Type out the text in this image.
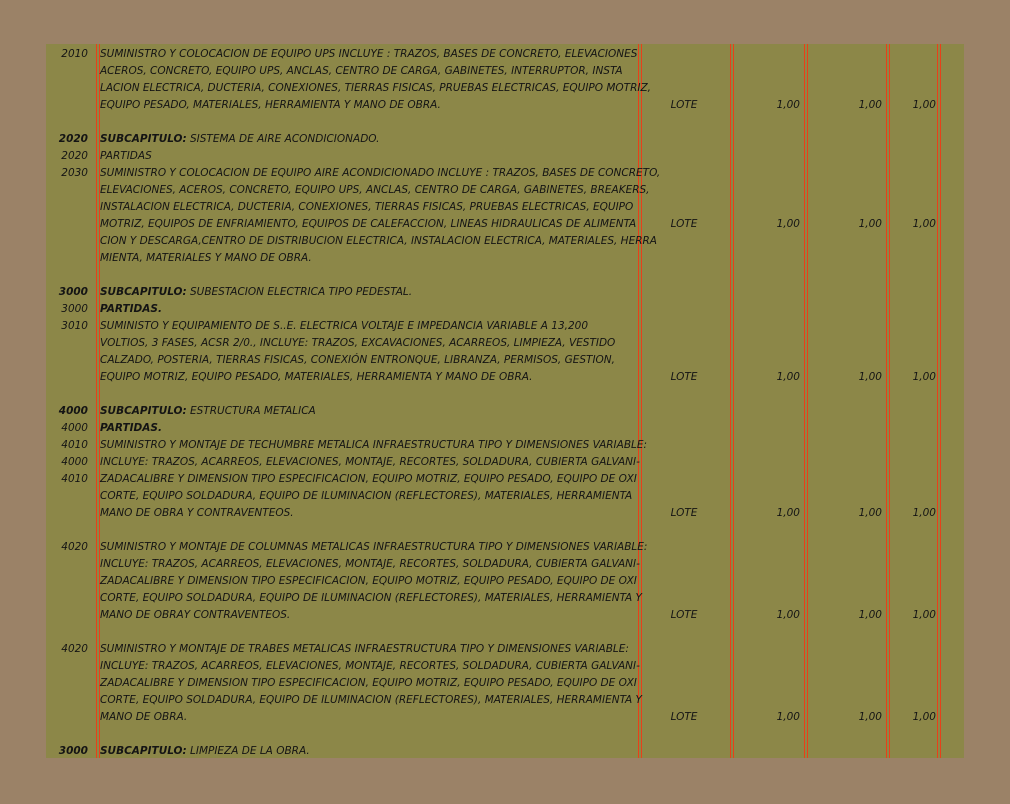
2010 SUMINISTRO Y COLOCACION DE EQUIPO UPS INCLUYE : TRAZOS, BASES DE CONCRETO, ELEVACIONES
ACEROS, CONCRETO, EQUIPO UPS, ANCLAS, CENTRO DE CARGA, GABINETES, INTERRUPTOR, INSTA
LACION ELECTRICA, DUCTERIA, CONEXIONES, TIERRAS FISICAS, PRUEBAS ELECTRICAS, EQUIPO MOTRIZ,
EQUIPO PESADO, MATERIALES, HERRAMIENTA Y MANO DE OBRA.	LOTE	1,00	1,00	1,00
2020 SUBCAPITULO: SISTEMA DE AIRE ACONDICIONADO.
2020 PARTIDAS
2030 SUMINISTRO Y COLOCACION DE EQUIPO AIRE ACONDICIONADO INCLUYE : TRAZOS, BASES DE CONCRETO,
ELEVACIONES, ACEROS, CONCRETO, EQUIPO UPS, ANCLAS, CENTRO DE CARGA, GABINETES, BREAKERS,
INSTALACION ELECTRICA, DUCTERIA, CONEXIONES, TIERRAS FISICAS, PRUEBAS ELECTRICAS, EQUIPO
MOTRIZ, EQUIPOS DE ENFRIAMIENTO, EQUIPOS DE CALEFACCION, LINEAS HIDRAULICAS DE ALIMENTA
CION Y DESCARGA,CENTRO DE DISTRIBUCION ELECTRICA, INSTALACION ELECTRICA, MATERIALES, HERRA
MIENTA, MATERIALES Y MANO DE OBRA.
LOTE	1,00	1,00	1,00
3000 SUBCAPITULO: SUBESTACION ELECTRICA TIPO PEDESTAL.
3000 PARTIDAS.
3010 SUMINISTO Y EQUIPAMIENTO DE S..E. ELECTRICA VOLTAJE E IMPEDANCIA VARIABLE A 13,200
VOLTIOS, 3 FASES, ACSR 2/0., INCLUYE: TRAZOS, EXCAVACIONES, ACARREOS, LIMPIEZA, VESTIDO
CALZADO, POSTERIA, TIERRAS FISICAS, CONEXIÓN ENTRONQUE, LIBRANZA, PERMISOS, GESTION,
EQUIPO MOTRIZ, EQUIPO PESADO, MATERIALES, HERRAMIENTA Y MANO DE OBRA.	LOTE	1,00	1,00	1,00
4000 SUBCAPITULO: ESTRUCTURA METALICA
4000 PARTIDAS.
4010 SUMINISTRO Y MONTAJE DE TECHUMBRE METALICA INFRAESTRUCTURA TIPO Y DIMENSIONES VARIABLE:
4000 INCLUYE: TRAZOS, ACARREOS, ELEVACIONES, MONTAJE, RECORTES, SOLDADURA, CUBIERTA GALVANI-
4010 ZADACALIBRE Y DIMENSION TIPO ESPECIFICACION, EQUIPO MOTRIZ, EQUIPO PESADO, EQUIPO DE OXI
CORTE, EQUIPO SOLDADURA, EQUIPO DE ILUMINACION (REFLECTORES), MATERIALES, HERRAMIENTA
MANO DE OBRA Y CONTRAVENTEOS.	LOTE	1,00	1,00	1,00
4020 SUMINISTRO Y MONTAJE DE COLUMNAS METALICAS INFRAESTRUCTURA TIPO Y DIMENSIONES VARIABLE:
INCLUYE: TRAZOS, ACARREOS, ELEVACIONES, MONTAJE, RECORTES, SOLDADURA, CUBIERTA GALVANI-
ZADACALIBRE Y DIMENSION TIPO ESPECIFICACION, EQUIPO MOTRIZ, EQUIPO PESADO, EQUIPO DE OXI
CORTE, EQUIPO SOLDADURA, EQUIPO DE ILUMINACION (REFLECTORES), MATERIALES, HERRAMIENTA Y
MANO DE OBRAY CONTRAVENTEOS.	LOTE	1,00	1,00	1,00
4020 SUMINISTRO Y MONTAJE DE TRABES METALICAS INFRAESTRUCTURA TIPO Y DIMENSIONES VARIABLE:
INCLUYE: TRAZOS, ACARREOS, ELEVACIONES, MONTAJE, RECORTES, SOLDADURA, CUBIERTA GALVANI-
ZADACALIBRE Y DIMENSION TIPO ESPECIFICACION, EQUIPO MOTRIZ, EQUIPO PESADO, EQUIPO DE OXI
CORTE, EQUIPO SOLDADURA, EQUIPO DE ILUMINACION (REFLECTORES), MATERIALES, HERRAMIENTA Y
MANO DE OBRA.	LOTE	1,00	1,00	1,00
3000 SUBCAPITULO: LIMPIEZA DE LA OBRA.
